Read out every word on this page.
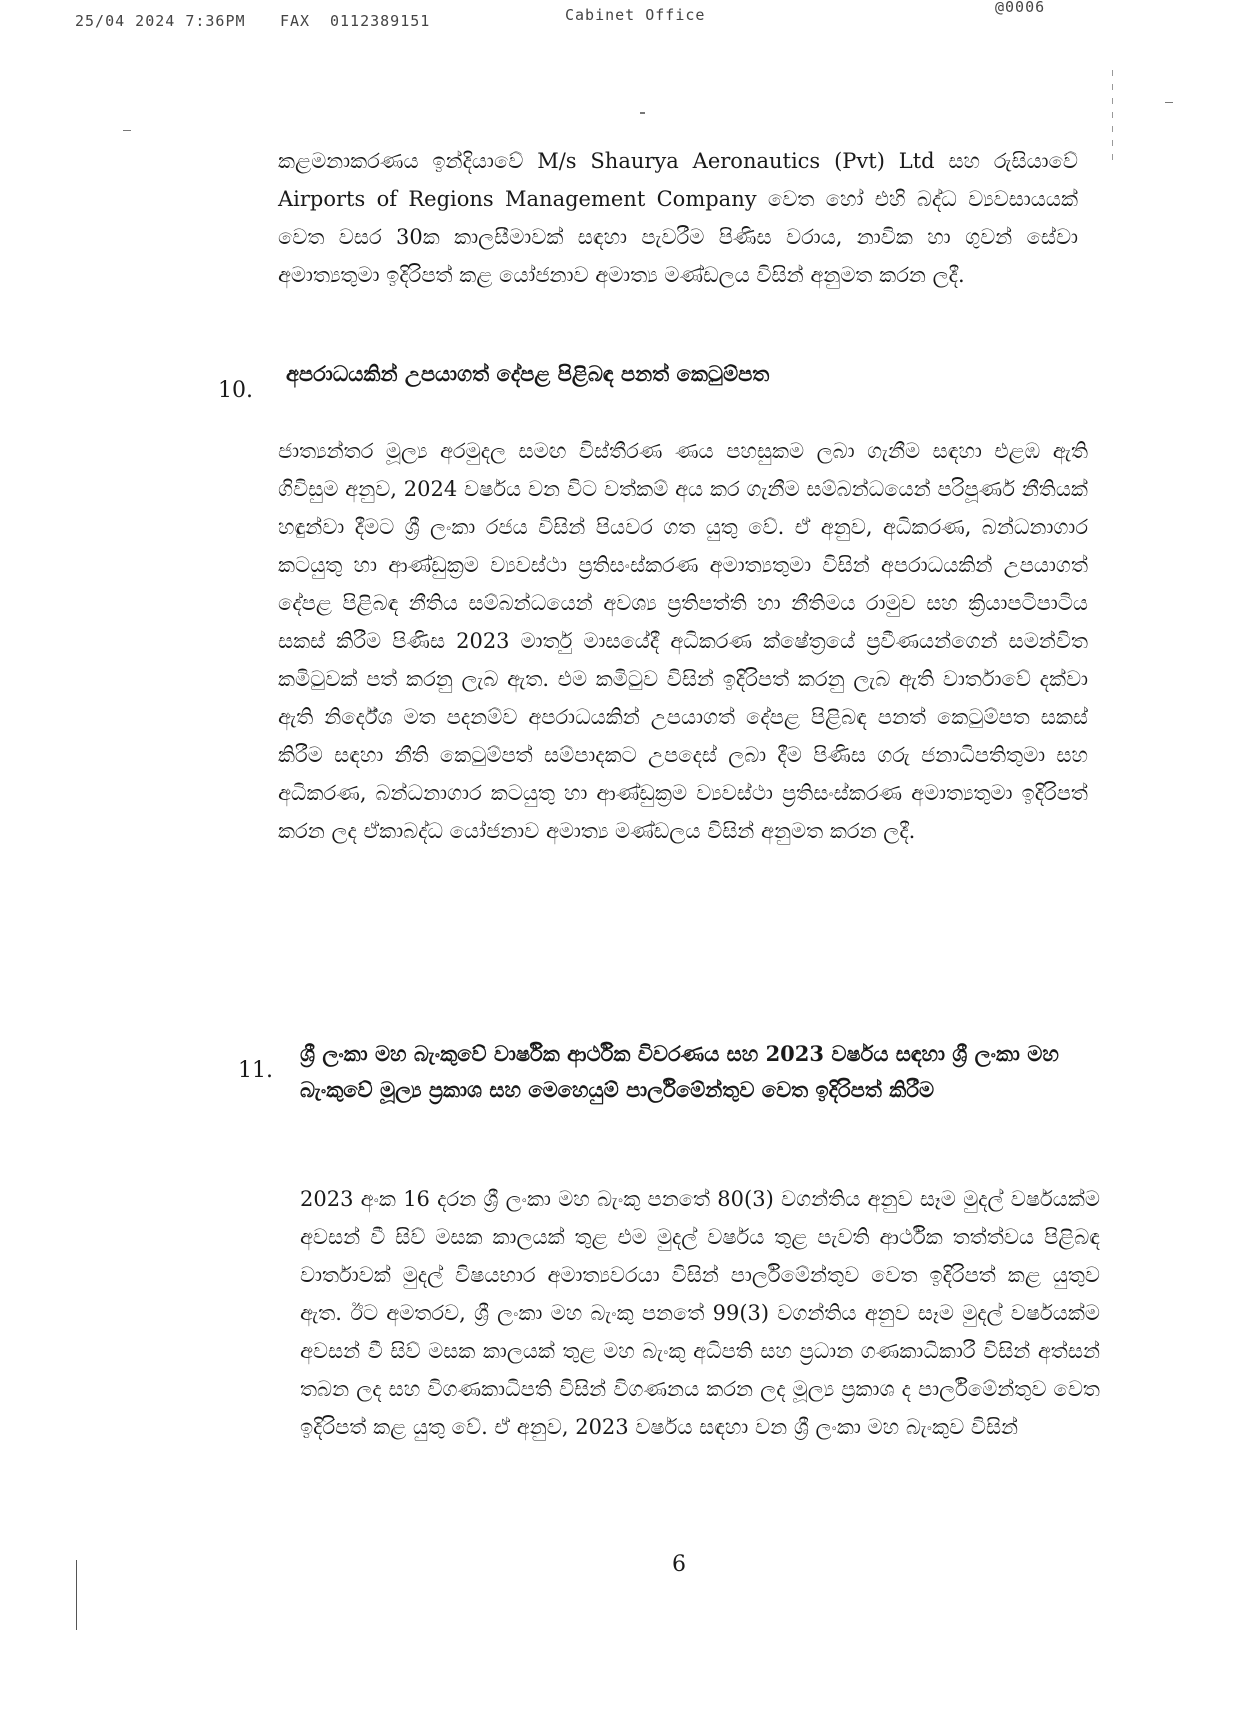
25/04 2024 7:36PM FAX 0112389151	Cabinet Office	@0006

කළමනාකරණය ඉන්දියාවේ M/s Shaurya Aeronautics (Pvt) Ltd සහ රුසියාවේ Airports of Regions Management Company වෙත හෝ එහි බද්ධ ව්‍යවසායයක් වෙත වසර 30ක කාලසීමාවක් සඳහා පැවරීම පිණිස වරාය, නාවික හා ගුවන් සේවා අමාත්‍යතුමා ඉදිරිපත් කළ යෝජනාව අමාත්‍ය මණ්ඩලය විසින් අනුමත කරන ලදී.

10.
අපරාධයකින් උපයාගත් දේපළ පිළිබඳ පනත් කෙටුම්පත

ජාත්‍යන්තර මූල්‍ය අරමුදල සමඟ විස්තීරණ ණය පහසුකම ලබා ගැනීම සඳහා එළඹ ඇති ගිවිසුම අනුව, 2024 වර්ෂය වන විට වත්කම් අය කර ගැනීම සම්බන්ධයෙන් පරිපූර්ණ නීතියක් හඳුන්වා දීමට ශ්‍රී ලංකා රජය විසින් පියවර ගත යුතු වේ. ඒ අනුව, අධිකරණ, බන්ධනාගාර කටයුතු හා ආණ්ඩුක්‍රම ව්‍යවස්ථා ප්‍රතිසංස්කරණ අමාත්‍යතුමා විසින් අපරාධයකින් උපයාගත් දේපළ පිළිබඳ නීතිය සම්බන්ධයෙන් අවශ්‍ය ප්‍රතිපත්ති හා නීතිමය රාමුව සහ ක්‍රියාපටිපාටිය සකස් කිරීම පිණිස 2023 මාර්තු මාසයේදී අධිකරණ ක්ෂේත්‍රයේ ප්‍රවීණයන්ගෙන් සමන්විත කමිටුවක් පත් කරනු ලැබ ඇත. එම කමිටුව විසින් ඉදිරිපත් කරනු ලැබ ඇති වාර්තාවේ දක්වා ඇති නිර්දේශ මත පදනම්ව අපරාධයකින් උපයාගත් දේපළ පිළිබඳ පනත් කෙටුම්පත සකස් කිරීම සඳහා නීති කෙටුම්පත් සම්පාදකට උපදෙස් ලබා දීම පිණිස ගරු ජනාධිපතිතුමා සහ අධිකරණ, බන්ධනාගාර කටයුතු හා ආණ්ඩුක්‍රම ව්‍යවස්ථා ප්‍රතිසංස්කරණ අමාත්‍යතුමා ඉදිරිපත් කරන ලද ඒකාබද්ධ යෝජනාව අමාත්‍ය මණ්ඩලය විසින් අනුමත කරන ලදී.

11.
ශ්‍රී ලංකා මහ බැංකුවේ වාර්ෂික ආර්ථික විවරණය සහ 2023 වර්ෂය සඳහා ශ්‍රී ලංකා මහ බැංකුවේ මූල්‍ය ප්‍රකාශ සහ මෙහෙයුම් පාර්ලිමේන්තුව වෙත ඉදිරිපත් කිරීම

2023 අංක 16 දරන ශ්‍රී ලංකා මහ බැංකු පනතේ 80(3) වගන්තිය අනුව සෑම මුදල් වර්ෂයක්ම අවසන් වී සිව් මසක කාලයක් තුළ එම මුදල් වර්ෂය තුළ පැවති ආර්ථික තත්ත්වය පිළිබඳ වාර්තාවක් මුදල් විෂයභාර අමාත්‍යවරයා විසින් පාර්ලිමේන්තුව වෙත ඉදිරිපත් කළ යුතුව ඇත. ඊට අමතරව, ශ්‍රී ලංකා මහ බැංකු පනතේ 99(3) වගන්තිය අනුව සෑම මුදල් වර්ෂයක්ම අවසන් වී සිව් මසක කාලයක් තුළ මහ බැංකු අධිපති සහ ප්‍රධාන ගණකාධිකාරී විසින් අත්සන් තබන ලද සහ විගණකාධිපති විසින් විගණනය කරන ලද මූල්‍ය ප්‍රකාශ ද පාර්ලිමේන්තුව වෙත ඉදිරිපත් කළ යුතු වේ. ඒ අනුව, 2023 වර්ෂය සඳහා වන ශ්‍රී ලංකා මහ බැංකුව විසින්

6
